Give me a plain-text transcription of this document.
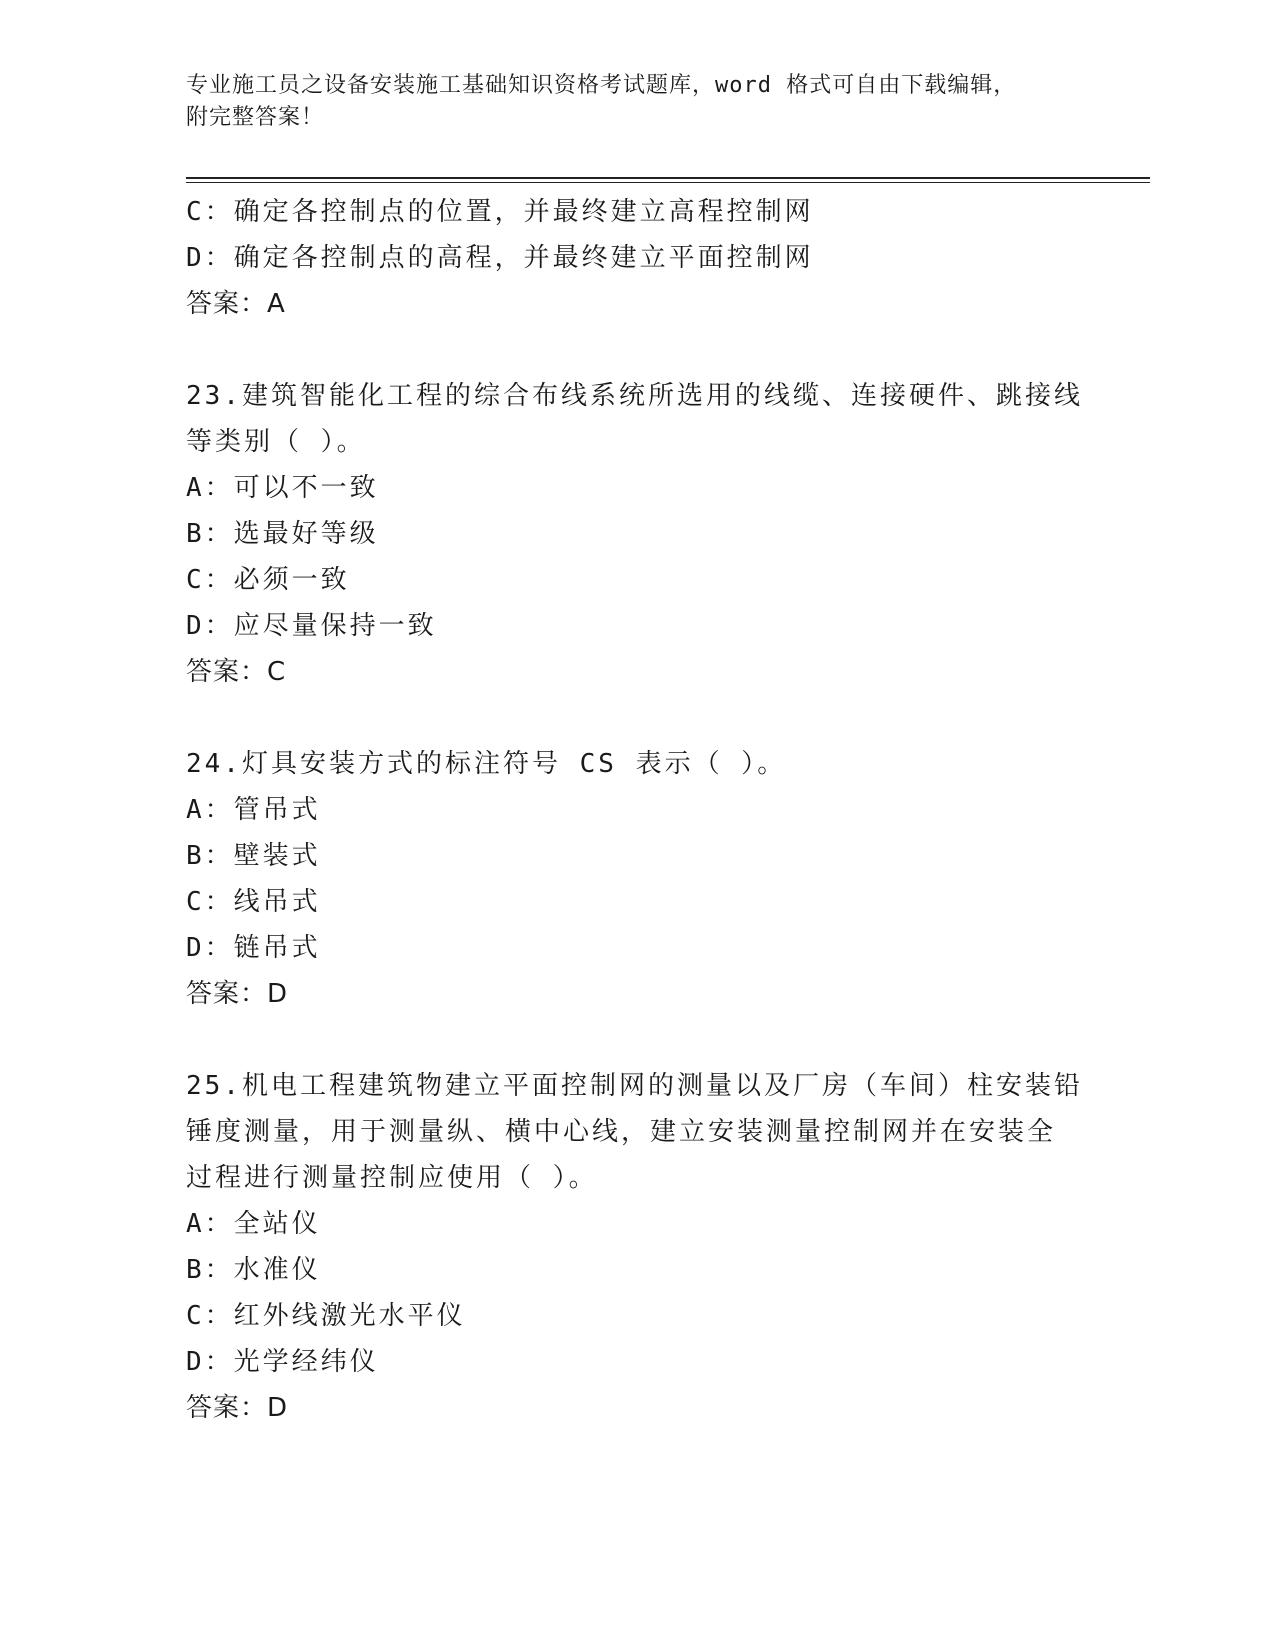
专业施工员之设备安装施工基础知识资格考试题库，word 格式可自由下载编辑，
附完整答案！
C：确定各控制点的位置，并最终建立高程控制网
D：确定各控制点的高程，并最终建立平面控制网
答案：A
23.建筑智能化工程的综合布线系统所选用的线缆、连接硬件、跳接线
等类别（ ）。
A：可以不一致
B：选最好等级
C：必须一致
D：应尽量保持一致
答案：C
24.灯具安装方式的标注符号 CS 表示（ ）。
A：管吊式
B：壁装式
C：线吊式
D：链吊式
答案：D
25.机电工程建筑物建立平面控制网的测量以及厂房（车间）柱安装铅
锤度测量，用于测量纵、横中心线，建立安装测量控制网并在安装全
过程进行测量控制应使用（ ）。
A：全站仪
B：水准仪
C：红外线激光水平仪
D：光学经纬仪
答案：D
